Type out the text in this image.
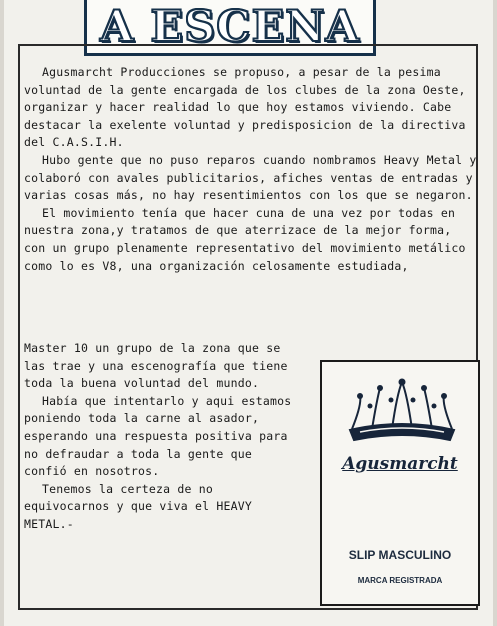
A ESCENA

Agusmarcht Producciones se propuso, a pesar de la pesima voluntad de la gente encargada de los clubes de la zona Oeste, organizar y hacer realidad lo que hoy estamos viviendo. Cabe destacar la exelente voluntad y predisposicion de la directiva del C.A.S.I.H.

Hubo gente que no puso reparos cuando nombramos Heavy Metal y colaboró con avales publicitarios, afiches ventas de entradas y varias cosas más, no hay resentimientos con los que se negaron.

El movimiento tenía que hacer cuna de una vez por todas en nuestra zona,y tratamos de que aterrizace de la mejor forma, con un grupo plenamente representativo del movimiento metálico como lo es V8, una organización celosamente estudiada,

Master 10 un grupo de la zona que se las trae y una escenografía que tiene toda la buena voluntad del mundo.

Había que intentarlo y aqui estamos poniendo toda la carne al asador, esperando una respuesta positiva para no defraudar a toda la gente que confió en nosotros.

Tenemos la certeza de no equivocarnos y que viva el HEAVY METAL.-

Agusmarcht
SLIP MASCULINO
MARCA REGISTRADA
